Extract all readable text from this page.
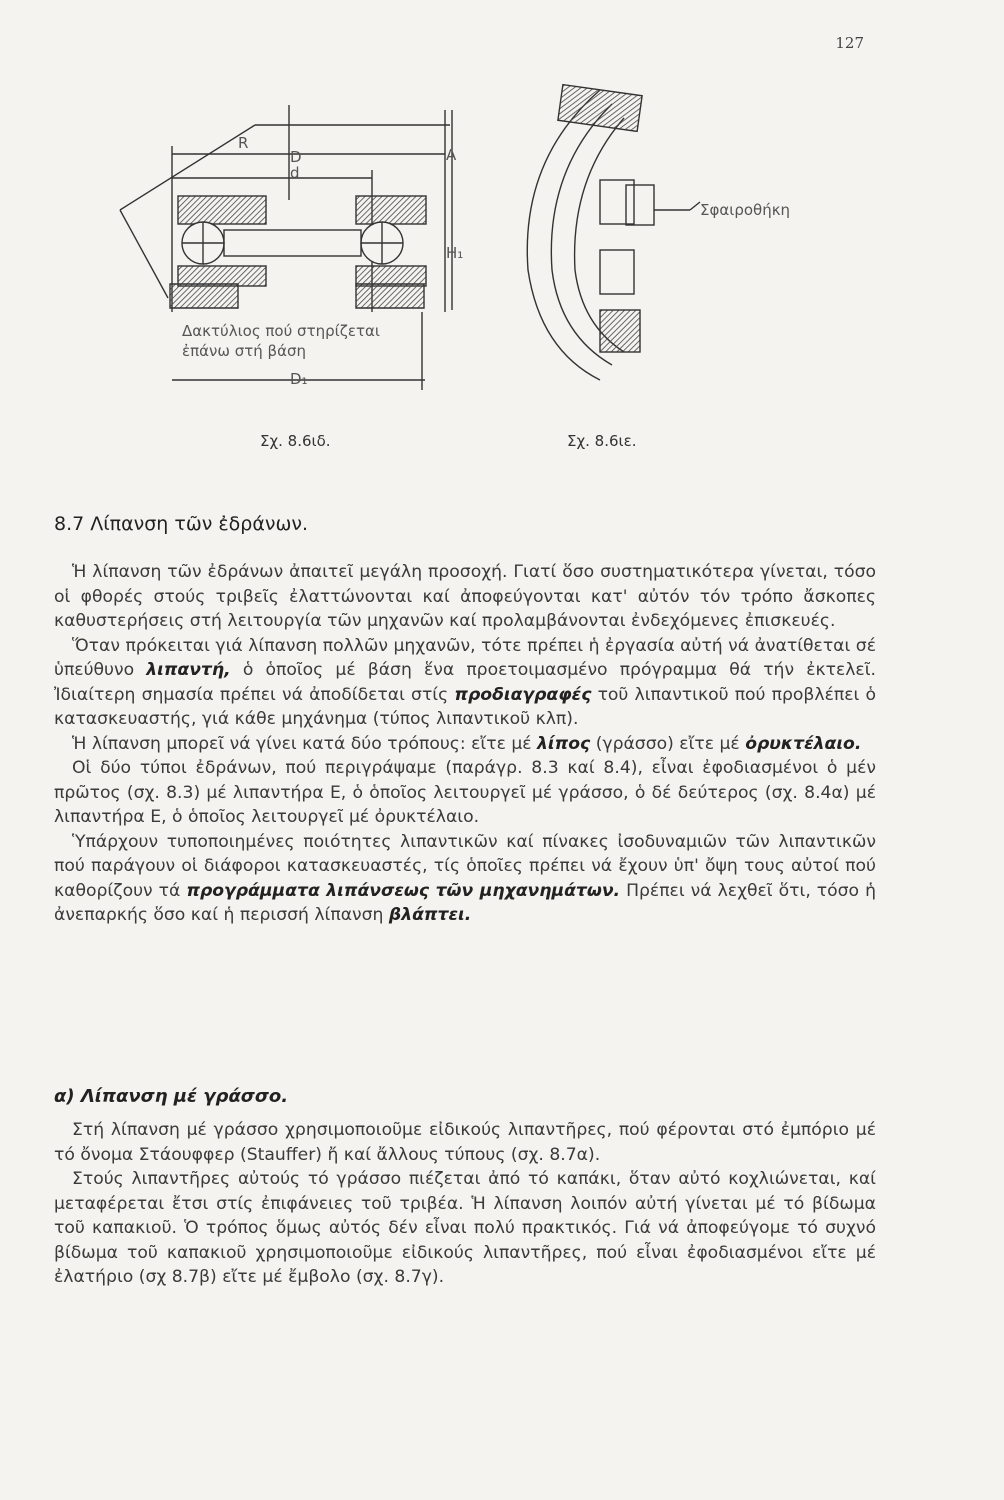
127
R
D
d
A
H₁
D₁
Δακτύλιος πού στηρίζεται
ἐπάνω στή βάση
Σφαιροθήκη
Σχ. 8.6ιδ.	Σχ. 8.6ιε.
8.7 Λίπανση τῶν ἐδράνων.

Ἡ λίπανση τῶν ἐδράνων ἀπαιτεῖ μεγάλη προσοχή. Γιατί ὅσο συστηματικότερα γίνεται, τόσο οἱ φθορές στούς τριβεῖς ἐλαττώνονται καί ἀποφεύγονται κατ' αὐτόν τόν τρόπο ἄσκοπες καθυστερήσεις στή λειτουργία τῶν μηχανῶν καί προλαμβάνονται ἐνδεχόμενες ἐπισκευές.

Ὅταν πρόκειται γιά λίπανση πολλῶν μηχανῶν, τότε πρέπει ἡ ἐργασία αὐτή νά ἀνατίθεται σέ ὑπεύθυνο λιπαντή, ὁ ὁποῖος μέ βάση ἕνα προετοιμασμένο πρόγραμμα θά τήν ἐκτελεῖ. Ἰδιαίτερη σημασία πρέπει νά ἀποδίδεται στίς προδιαγραφές τοῦ λιπαντικοῦ πού προβλέπει ὁ κατασκευαστής, γιά κάθε μηχάνημα (τύπος λιπαντικοῦ κλπ).

Ἡ λίπανση μπορεῖ νά γίνει κατά δύο τρόπους: εἴτε μέ λίπος (γράσσο) εἴτε μέ ὀρυκτέλαιο.

Οἱ δύο τύποι ἐδράνων, πού περιγράψαμε (παράγρ. 8.3 καί 8.4), εἶναι ἐφοδιασμένοι ὁ μέν πρῶτος (σχ. 8.3) μέ λιπαντήρα Ε, ὁ ὁποῖος λειτουργεῖ μέ γράσσο, ὁ δέ δεύτερος (σχ. 8.4α) μέ λιπαντήρα Ε, ὁ ὁποῖος λειτουργεῖ μέ ὀρυκτέλαιο.

Ὑπάρχουν τυποποιημένες ποιότητες λιπαντικῶν καί πίνακες ἰσοδυναμιῶν τῶν λιπαντικῶν πού παράγουν οἱ διάφοροι κατασκευαστές, τίς ὁποῖες πρέπει νά ἔχουν ὑπ' ὄψη τους αὐτοί πού καθορίζουν τά προγράμματα λιπάνσεως τῶν μηχανημάτων. Πρέπει νά λεχθεῖ ὅτι, τόσο ἡ ἀνεπαρκής ὅσο καί ἡ περισσή λίπανση βλάπτει.

α) Λίπανση μέ γράσσο.

Στή λίπανση μέ γράσσο χρησιμοποιοῦμε εἰδικούς λιπαντῆρες, πού φέρονται στό ἐμπόριο μέ τό ὄνομα Στάουφφερ (Stauffer) ἤ καί ἄλλους τύπους (σχ. 8.7α).

Στούς λιπαντῆρες αὐτούς τό γράσσο πιέζεται ἀπό τό καπάκι, ὅταν αὐτό κοχλιώνεται, καί μεταφέρεται ἔτσι στίς ἐπιφάνειες τοῦ τριβέα. Ἡ λίπανση λοιπόν αὐτή γίνεται μέ τό βίδωμα τοῦ καπακιοῦ. Ὁ τρόπος ὅμως αὐτός δέν εἶναι πολύ πρακτικός. Γιά νά ἀποφεύγομε τό συχνό βίδωμα τοῦ καπακιοῦ χρησιμοποιοῦμε εἰδικούς λιπαντῆρες, πού εἶναι ἐφοδιασμένοι εἴτε μέ ἐλατήριο (σχ 8.7β) εἴτε μέ ἔμβολο (σχ. 8.7γ).
